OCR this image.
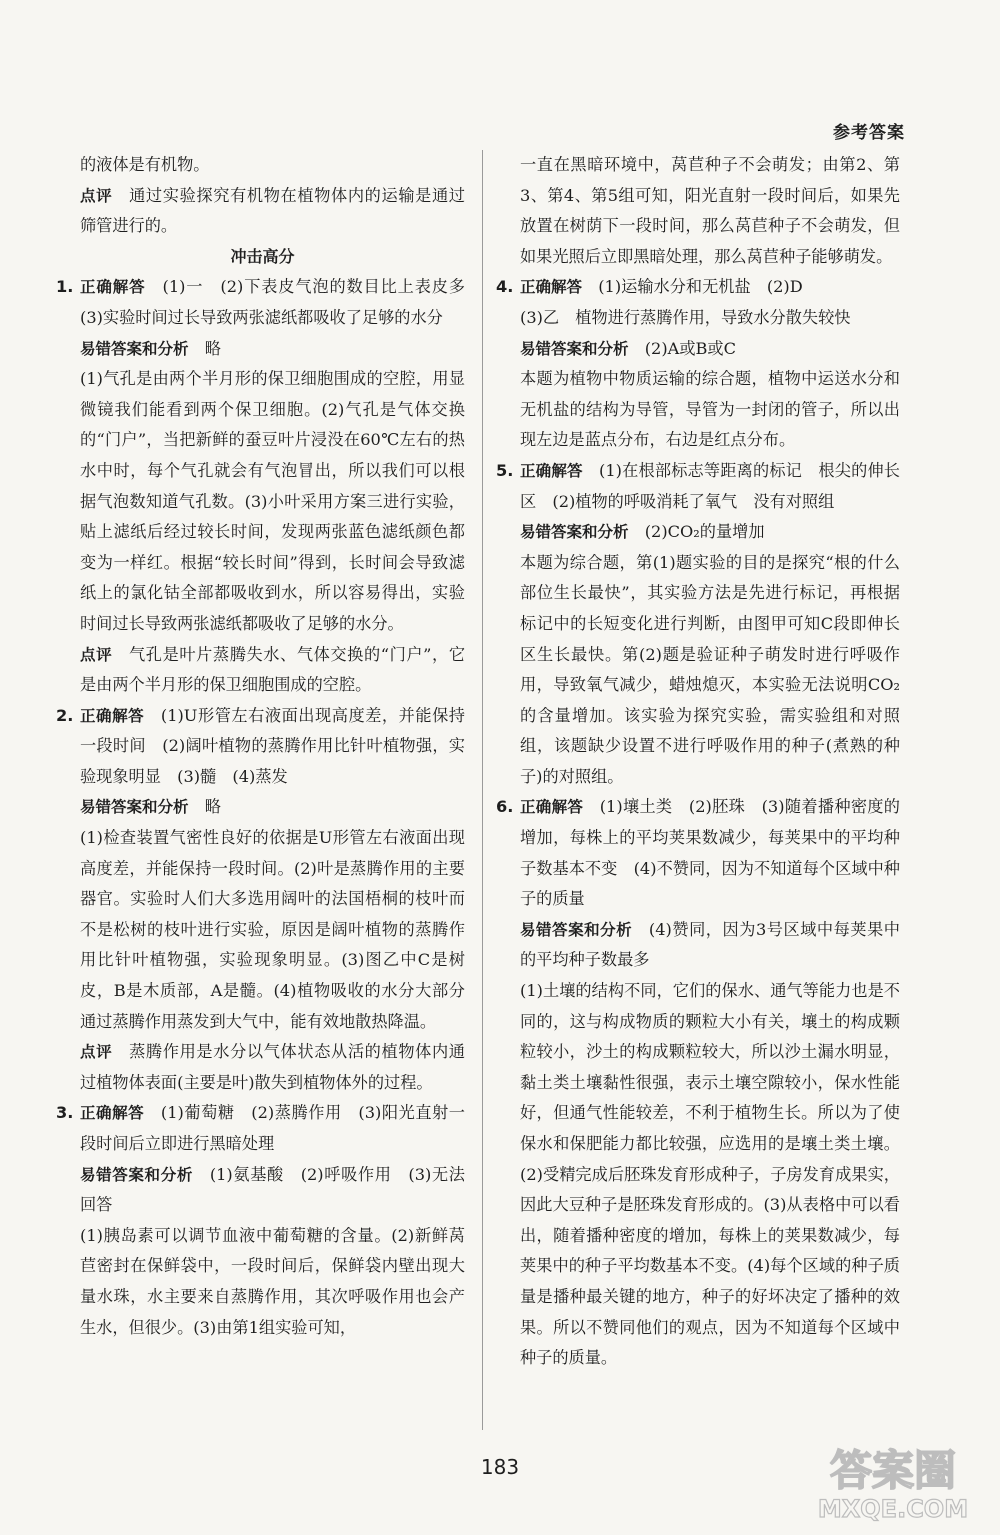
参考答案

的液体是有机物。

点评　 通过实验探究有机物在植物体内的运输是通过筛管进行的。

冲击高分

1. 正确解答　 (1)一　(2)下表皮气泡的数目比上表皮多　(3)实验时间过长导致两张滤纸都吸收了足够的水分

易错答案和分析　 略

(1)气孔是由两个半月形的保卫细胞围成的空腔，用显微镜我们能看到两个保卫细胞。(2)气孔是气体交换的“门户”，当把新鲜的蚕豆叶片浸没在60℃左右的热水中时，每个气孔就会有气泡冒出，所以我们可以根据气泡数知道气孔数。(3)小叶采用方案三进行实验，贴上滤纸后经过较长时间，发现两张蓝色滤纸颜色都变为一样红。根据“较长时间”得到，长时间会导致滤纸上的氯化钴全部都吸收到水，所以容易得出，实验时间过长导致两张滤纸都吸收了足够的水分。

点评　 气孔是叶片蒸腾失水、气体交换的“门户”，它是由两个半月形的保卫细胞围成的空腔。

2. 正确解答　 (1)U形管左右液面出现高度差，并能保持一段时间　(2)阔叶植物的蒸腾作用比针叶植物强，实验现象明显　(3)髓　(4)蒸发

易错答案和分析　 略

(1)检查装置气密性良好的依据是U形管左右液面出现高度差，并能保持一段时间。(2)叶是蒸腾作用的主要器官。实验时人们大多选用阔叶的法国梧桐的枝叶而不是松树的枝叶进行实验，原因是阔叶植物的蒸腾作用比针叶植物强，实验现象明显。(3)图乙中C是树皮，B是木质部，A是髓。(4)植物吸收的水分大部分通过蒸腾作用蒸发到大气中，能有效地散热降温。

点评　 蒸腾作用是水分以气体状态从活的植物体内通过植物体表面(主要是叶)散失到植物体外的过程。

3. 正确解答　 (1)葡萄糖　(2)蒸腾作用　(3)阳光直射一段时间后立即进行黑暗处理

易错答案和分析　 (1)氨基酸　(2)呼吸作用　(3)无法回答

(1)胰岛素可以调节血液中葡萄糖的含量。(2)新鲜莴苣密封在保鲜袋中，一段时间后，保鲜袋内壁出现大量水珠，水主要来自蒸腾作用，其次呼吸作用也会产生水，但很少。(3)由第1组实验可知，

一直在黑暗环境中，莴苣种子不会萌发；由第2、第3、第4、第5组可知，阳光直射一段时间后，如果先放置在树荫下一段时间，那么莴苣种子不会萌发，但如果光照后立即黑暗处理，那么莴苣种子能够萌发。

4. 正确解答　 (1)运输水分和无机盐　(2)D

(3)乙　植物进行蒸腾作用，导致水分散失较快

易错答案和分析　 (2)A或B或C

本题为植物中物质运输的综合题，植物中运送水分和无机盐的结构为导管，导管为一封闭的管子，所以出现左边是蓝点分布，右边是红点分布。

5. 正确解答　 (1)在根部标志等距离的标记　根尖的伸长区　(2)植物的呼吸消耗了氧气　没有对照组

易错答案和分析　 (2)CO₂的量增加

本题为综合题，第(1)题实验的目的是探究“根的什么部位生长最快”，其实验方法是先进行标记，再根据标记中的长短变化进行判断，由图甲可知C段即伸长区生长最快。第(2)题是验证种子萌发时进行呼吸作用，导致氧气减少，蜡烛熄灭，本实验无法说明CO₂的含量增加。该实验为探究实验，需实验组和对照组，该题缺少设置不进行呼吸作用的种子(煮熟的种子)的对照组。

6. 正确解答　 (1)壤土类　(2)胚珠　(3)随着播种密度的增加，每株上的平均荚果数减少，每荚果中的平均种子数基本不变　(4)不赞同，因为不知道每个区域中种子的质量

易错答案和分析　 (4)赞同，因为3号区域中每荚果中的平均种子数最多

(1)土壤的结构不同，它们的保水、通气等能力也是不同的，这与构成物质的颗粒大小有关，壤土的构成颗粒较小，沙土的构成颗粒较大，所以沙土漏水明显，黏土类土壤黏性很强，表示土壤空隙较小，保水性能好，但通气性能较差，不利于植物生长。所以为了使保水和保肥能力都比较强，应选用的是壤土类土壤。(2)受精完成后胚珠发育形成种子，子房发育成果实，因此大豆种子是胚珠发育形成的。(3)从表格中可以看出，随着播种密度的增加，每株上的荚果数减少，每荚果中的种子平均数基本不变。(4)每个区域的种子质量是播种最关键的地方，种子的好坏决定了播种的效果。所以不赞同他们的观点，因为不知道每个区域中种子的质量。

183	答案圈
MXQE.COM
